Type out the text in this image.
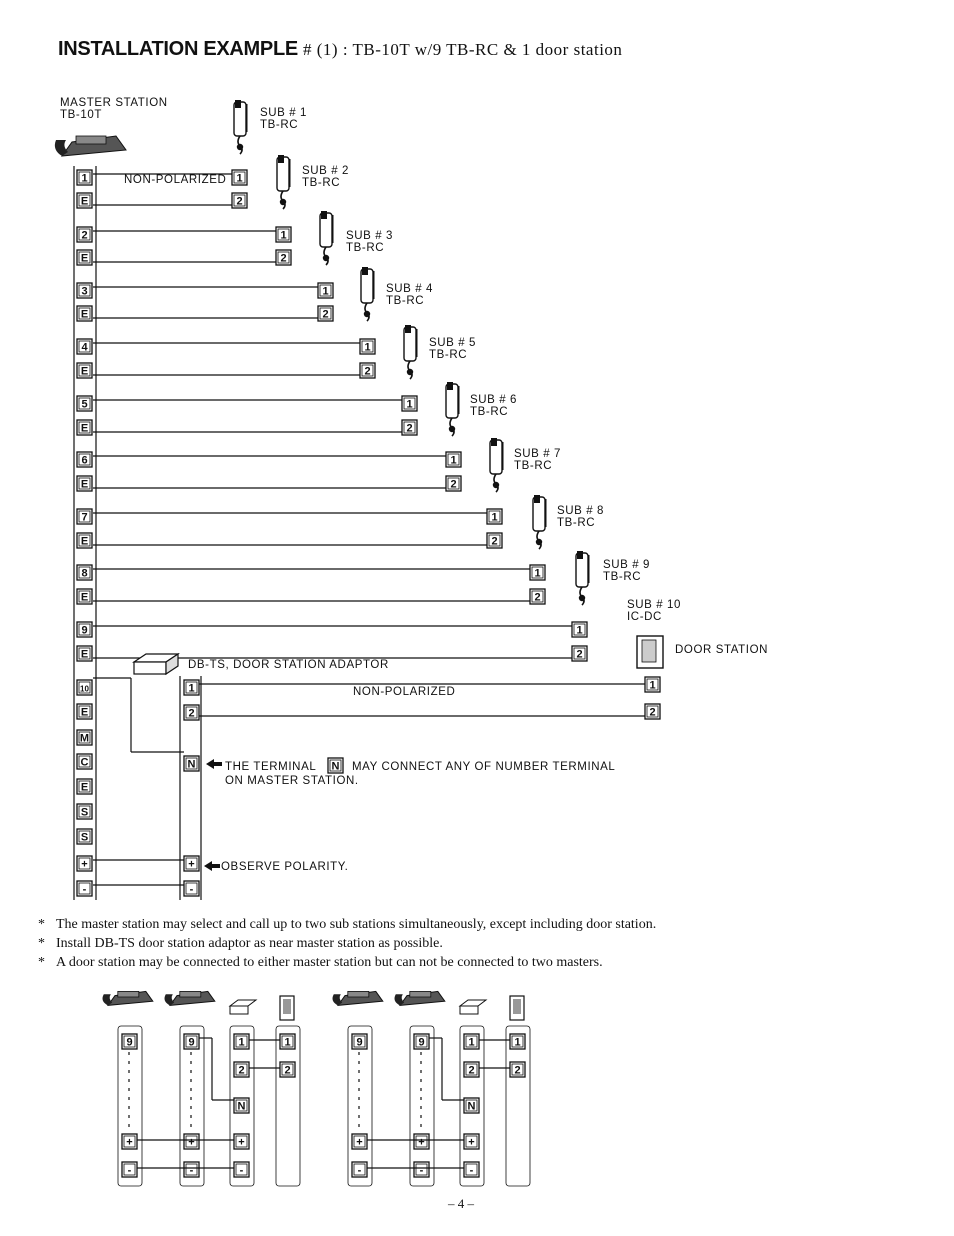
INSTALLATION EXAMPLE # (1) : TB-10T w/9 TB-RC & 1 door station
1
E
2
E
3
E
4
E
5
E
6
E
7
E
8
E
9
E
10
E
M
C
E
S
S
+
-
1
2
1
2
1
2
1
2
1
2
1
2
1
2
1
2
1
2
1
2
N
+
-
1
2
MASTER STATION
TB-10T	SUB # 1
TB-RC
SUB # 2
TB-RC
SUB # 3
TB-RC
SUB # 4
TB-RC
SUB # 5
TB-RC
SUB # 6
TB-RC
SUB # 7
TB-RC
SUB # 8
TB-RC
SUB # 9
TB-RC
NON-POLARIZED
SUB # 10
IC-DC
DOOR STATION
DB-TS, DOOR STATION ADAPTOR
NON-POLARIZED
THE TERMINAL N MAY CONNECT ANY OF NUMBER TERMINAL
ON MASTER STATION.
OBSERVE POLARITY.
9	9	1	1
2	2
N
+	+	+
-	-	-
9	9	1	1
2	2
N
+	+	+
-	-	-
* The master station may select and call up to two sub stations simultaneously, except including door station.
* Install DB-TS door station adaptor as near master station as possible.
* A door station may be connected to either master station but can not be connected to two masters.
– 4 –
